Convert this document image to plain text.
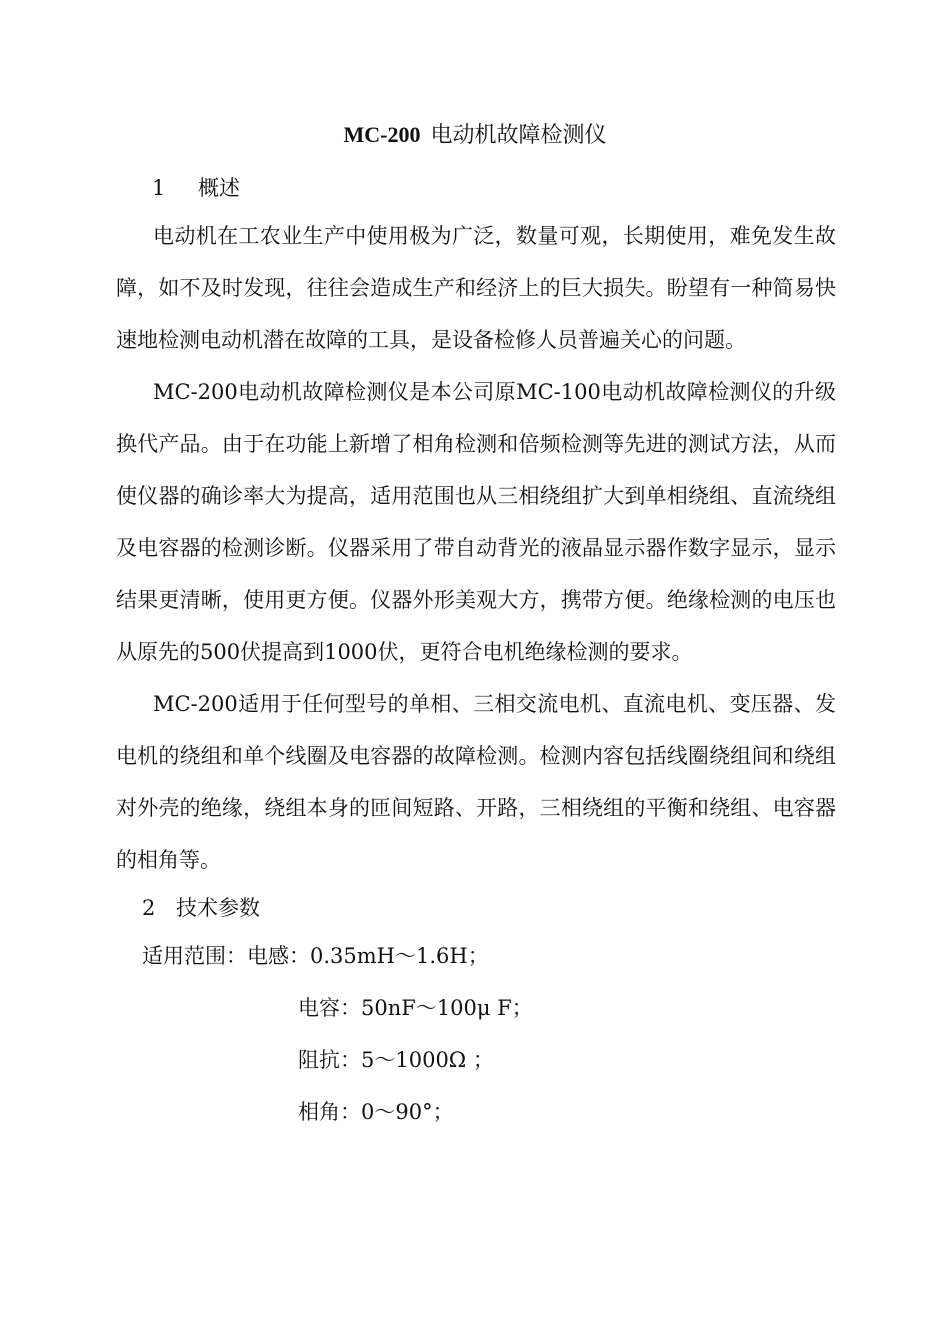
MC-200 电动机故障检测仪

1 概述

电动机在工农业生产中使用极为广泛，数量可观，长期使用，难免发生故障，如不及时发现，往往会造成生产和经济上的巨大损失。盼望有一种简易快速地检测电动机潜在故障的工具，是设备检修人员普遍关心的问题。

MC-200电动机故障检测仪是本公司原MC-100电动机故障检测仪的升级换代产品。由于在功能上新增了相角检测和倍频检测等先进的测试方法，从而使仪器的确诊率大为提高，适用范围也从三相绕组扩大到单相绕组、直流绕组及电容器的检测诊断。仪器采用了带自动背光的液晶显示器作数字显示，显示结果更清晰，使用更方便。仪器外形美观大方，携带方便。绝缘检测的电压也从原先的500伏提高到1000伏，更符合电机绝缘检测的要求。

MC-200适用于任何型号的单相、三相交流电机、直流电机、变压器、发电机的绕组和单个线圈及电容器的故障检测。检测内容包括线圈绕组间和绕组对外壳的绝缘，绕组本身的匝间短路、开路，三相绕组的平衡和绕组、电容器的相角等。

2 技术参数

适用范围：电感：0.35mH～1.6H；

电容：50nF～100μ F；

阻抗：5～1000Ω ；

相角：0～90°；
